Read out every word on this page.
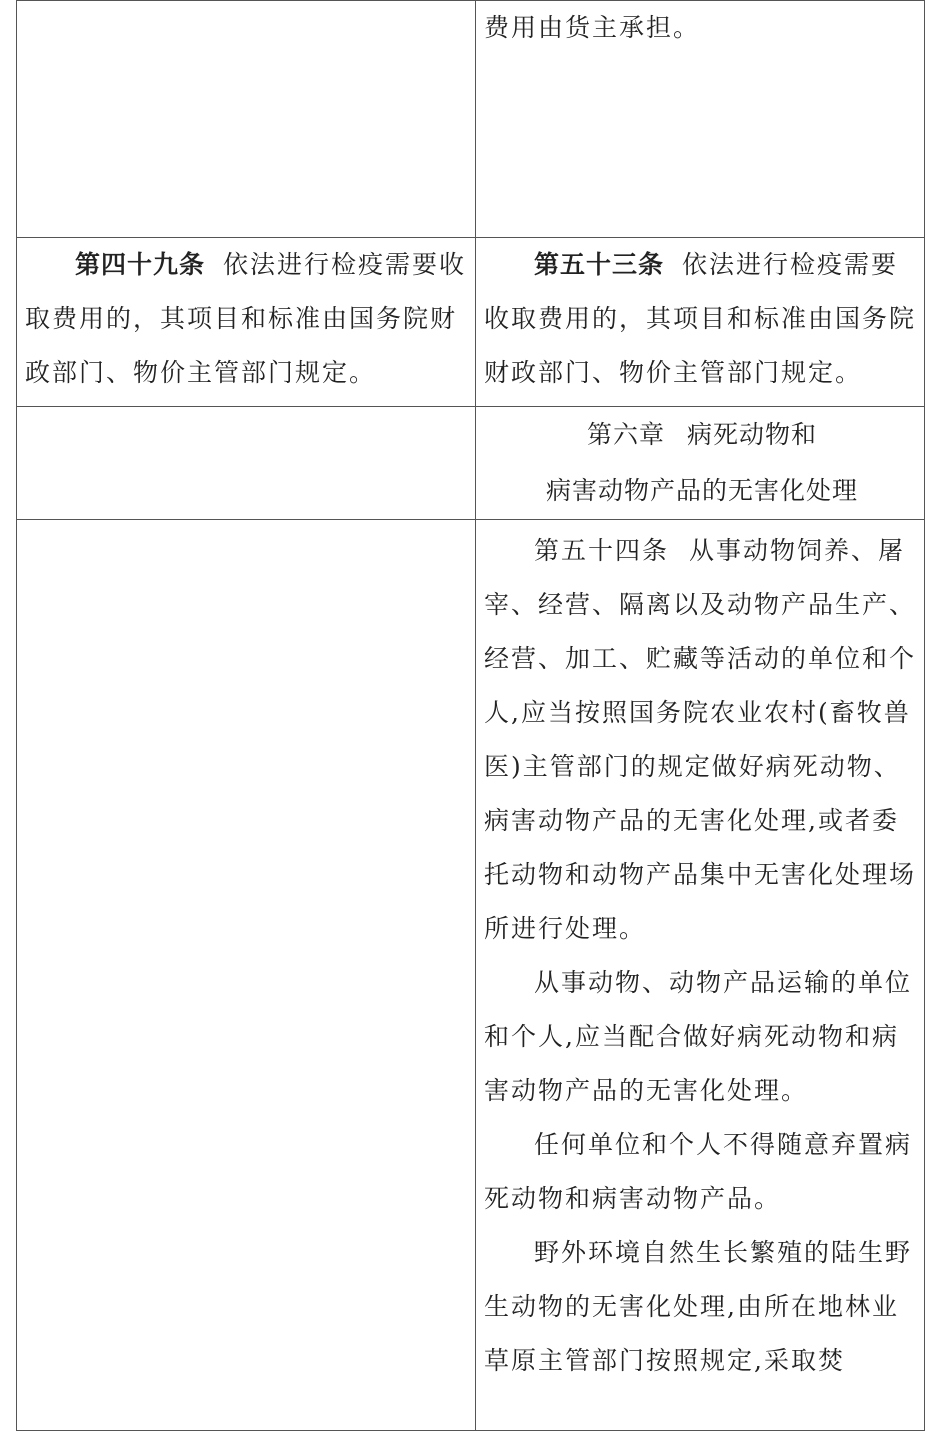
	费用由货主承担。

第四十九条 依法进行检疫需要收取费用的，其项目和标准由国务院财政部门、物价主管部门规定。	第五十三条 依法进行检疫需要收取费用的，其项目和标准由国务院财政部门、物价主管部门规定。

	第六章 病死动物和

病害动物产品的无害化处理

	第五十四条 从事动物饲养、屠宰、经营、隔离以及动物产品生产、经营、加工、贮藏等活动的单位和个人,应当按照国务院农业农村(畜牧兽医)主管部门的规定做好病死动物、病害动物产品的无害化处理,或者委托动物和动物产品集中无害化处理场所进行处理。

从事动物、动物产品运输的单位和个人,应当配合做好病死动物和病害动物产品的无害化处理。

任何单位和个人不得随意弃置病死动物和病害动物产品。

野外环境自然生长繁殖的陆生野生动物的无害化处理,由所在地林业草原主管部门按照规定,采取焚
